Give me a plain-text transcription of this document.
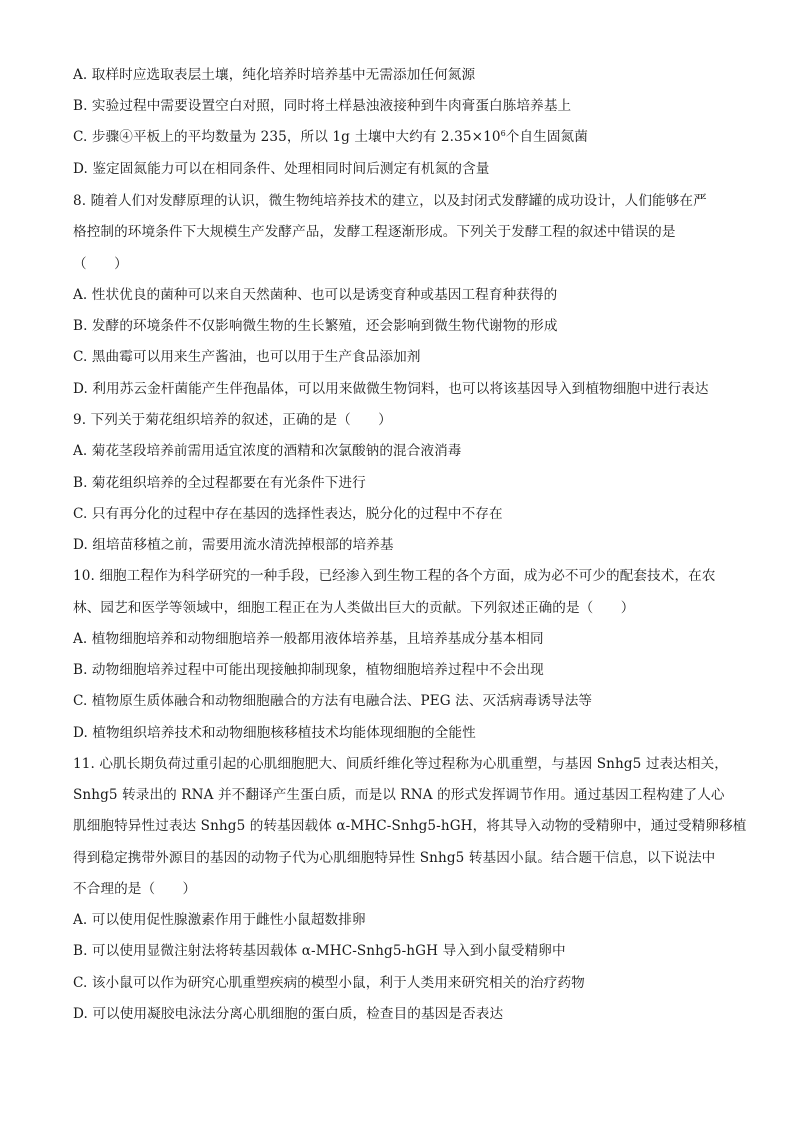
A. 取样时应选取表层土壤，纯化培养时培养基中无需添加任何氮源
B. 实验过程中需要设置空白对照，同时将土样悬浊液接种到牛肉膏蛋白胨培养基上
C. 步骤④平板上的平均数量为 235，所以 1g 土壤中大约有 $2.35\times 10^6$个自生固氮菌
D. 鉴定固氮能力可以在相同条件、处理相同时间后测定有机氮的含量
8. 随着人们对发酵原理的认识，微生物纯培养技术的建立，以及封闭式发酵罐的成功设计，人们能够在严
格控制的环境条件下大规模生产发酵产品，发酵工程逐渐形成。下列关于发酵工程的叙述中错误的是
（　　）
A. 性状优良的菌种可以来自天然菌种、也可以是诱变育种或基因工程育种获得的
B. 发酵的环境条件不仅影响微生物的生长繁殖，还会影响到微生物代谢物的形成
C. 黑曲霉可以用来生产酱油，也可以用于生产食品添加剂
D. 利用苏云金杆菌能产生伴孢晶体，可以用来做微生物饲料，也可以将该基因导入到植物细胞中进行表达
9. 下列关于菊花组织培养的叙述，正确的是（　　）
A. 菊花茎段培养前需用适宜浓度的酒精和次氯酸钠的混合液消毒
B. 菊花组织培养的全过程都要在有光条件下进行
C. 只有再分化的过程中存在基因的选择性表达，脱分化的过程中不存在
D. 组培苗移植之前，需要用流水清洗掉根部的培养基
10. 细胞工程作为科学研究的一种手段，已经渗入到生物工程的各个方面，成为必不可少的配套技术，在农
林、园艺和医学等领域中，细胞工程正在为人类做出巨大的贡献。下列叙述正确的是（　　）
A. 植物细胞培养和动物细胞培养一般都用液体培养基，且培养基成分基本相同
B. 动物细胞培养过程中可能出现接触抑制现象，植物细胞培养过程中不会出现
C. 植物原生质体融合和动物细胞融合的方法有电融合法、PEG 法、灭活病毒诱导法等
D. 植物组织培养技术和动物细胞核移植技术均能体现细胞的全能性
11. 心肌长期负荷过重引起的心肌细胞肥大、间质纤维化等过程称为心肌重塑，与基因 Snhg5 过表达相关，
Snhg5 转录出的 RNA 并不翻译产生蛋白质，而是以 RNA 的形式发挥调节作用。通过基因工程构建了人心
肌细胞特异性过表达 Snhg5 的转基因载体 α-MHC-Snhg5-hGH，将其导入动物的受精卵中，通过受精卵移植
得到稳定携带外源目的基因的动物子代为心肌细胞特异性 Snhg5 转基因小鼠。结合题干信息，以下说法中
不合理的是（　　）
A. 可以使用促性腺激素作用于雌性小鼠超数排卵
B. 可以使用显微注射法将转基因载体 α-MHC-Snhg5-hGH 导入到小鼠受精卵中
C. 该小鼠可以作为研究心肌重塑疾病的模型小鼠，利于人类用来研究相关的治疗药物
D. 可以使用凝胶电泳法分离心肌细胞的蛋白质，检查目的基因是否表达
